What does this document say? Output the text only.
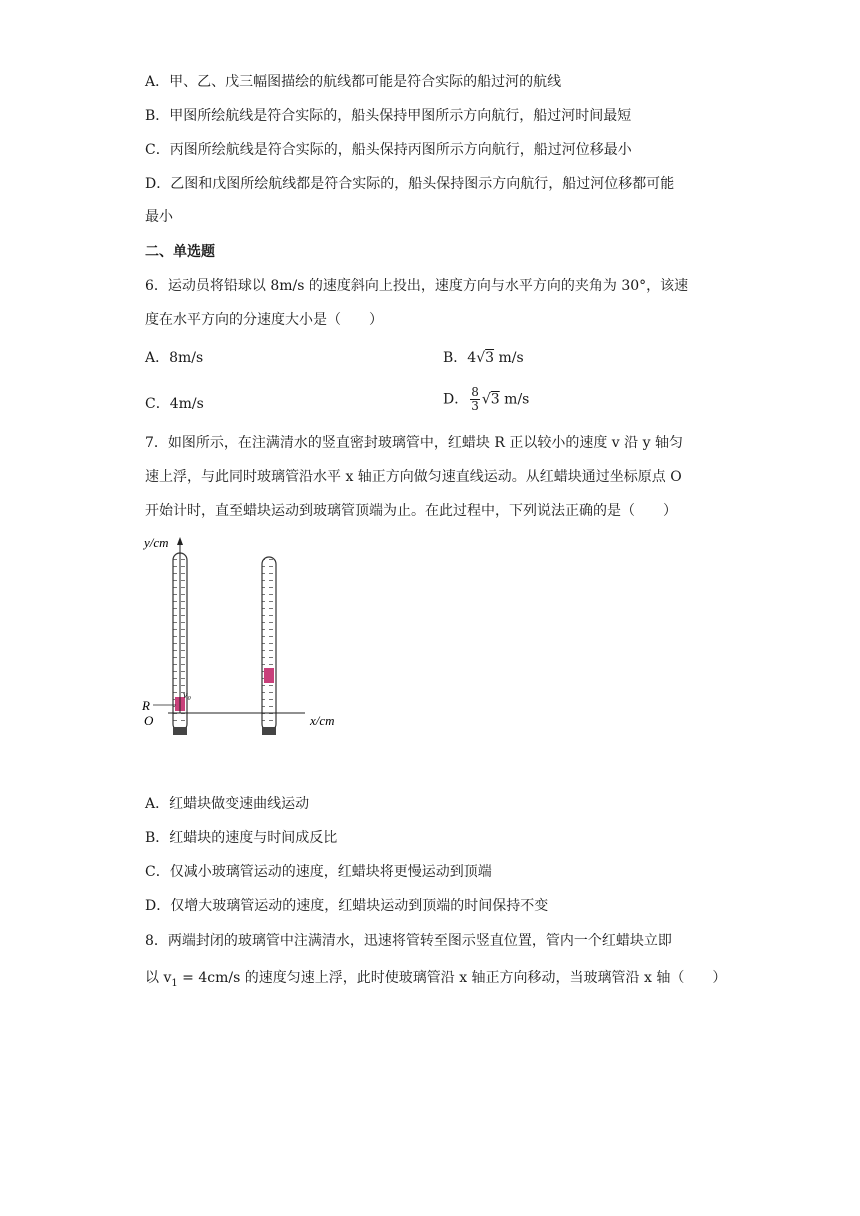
A．甲、乙、戊三幅图描绘的航线都可能是符合实际的船过河的航线
B．甲图所绘航线是符合实际的，船头保持甲图所示方向航行，船过河时间最短
C．丙图所绘航线是符合实际的，船头保持丙图所示方向航行，船过河位移最小
D．乙图和戊图所绘航线都是符合实际的，船头保持图示方向航行，船过河位移都可能
最小
二、单选题
6．运动员将铅球以 8m/s 的速度斜向上投出，速度方向与水平方向的夹角为 30°，该速
度在水平方向的分速度大小是（　　）
A．8m/s	B．4√3 m/s
C．4m/s	D． $\frac{8}{3} √3$ m/s
7．如图所示，在注满清水的竖直密封玻璃管中，红蜡块 R 正以较小的速度 v 沿 y 轴匀
速上浮，与此同时玻璃管沿水平 x 轴正方向做匀速直线运动。从红蜡块通过坐标原点 O
开始计时，直至蜡块运动到玻璃管顶端为止。在此过程中，下列说法正确的是（　　）
y/cm
x/cm
R
O
v₀
A．红蜡块做变速曲线运动
B．红蜡块的速度与时间成反比
C．仅减小玻璃管运动的速度，红蜡块将更慢运动到顶端
D．仅增大玻璃管运动的速度，红蜡块运动到顶端的时间保持不变
8．两端封闭的玻璃管中注满清水，迅速将管转至图示竖直位置，管内一个红蜡块立即
以 $v_1 = 4cm/s$ 的速度匀速上浮，此时使玻璃管沿 x 轴正方向移动，当玻璃管沿 x 轴（　　）
